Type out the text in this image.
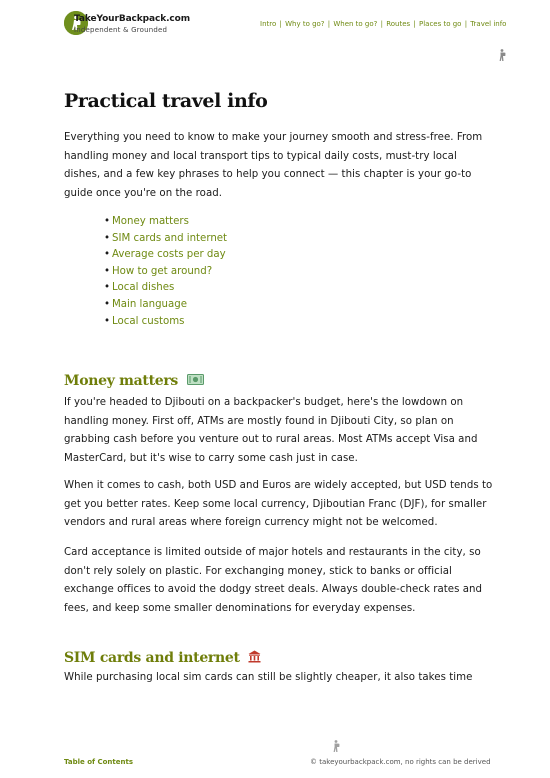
TakeYourBackpack.com
Independent & Grounded
Intro | Why to go? | When to go? | Routes | Places to go | Travel info
Practical travel info

Everything you need to know to make your journey smooth and stress-free. From handling money and local transport tips to typical daily costs, must-try local dishes, and a few key phrases to help you connect — this chapter is your go-to guide once you're on the road.

• Money matters
• SIM cards and internet
• Average costs per day
• How to get around?
• Local dishes
• Main language
• Local customs
Money matters

If you're headed to Djibouti on a backpacker's budget, here's the lowdown on handling money. First off, ATMs are mostly found in Djibouti City, so plan on grabbing cash before you venture out to rural areas. Most ATMs accept Visa and MasterCard, but it's wise to carry some cash just in case.

When it comes to cash, both USD and Euros are widely accepted, but USD tends to get you better rates. Keep some local currency, Djiboutian Franc (DJF), for smaller vendors and rural areas where foreign currency might not be welcomed.

Card acceptance is limited outside of major hotels and restaurants in the city, so don't rely solely on plastic. For exchanging money, stick to banks or official exchange offices to avoid the dodgy street deals. Always double-check rates and fees, and keep some smaller denominations for everyday expenses.

SIM cards and internet

While purchasing local sim cards can still be slightly cheaper, it also takes time

Table of Contents	© takeyourbackpack.com, no rights can be derived
